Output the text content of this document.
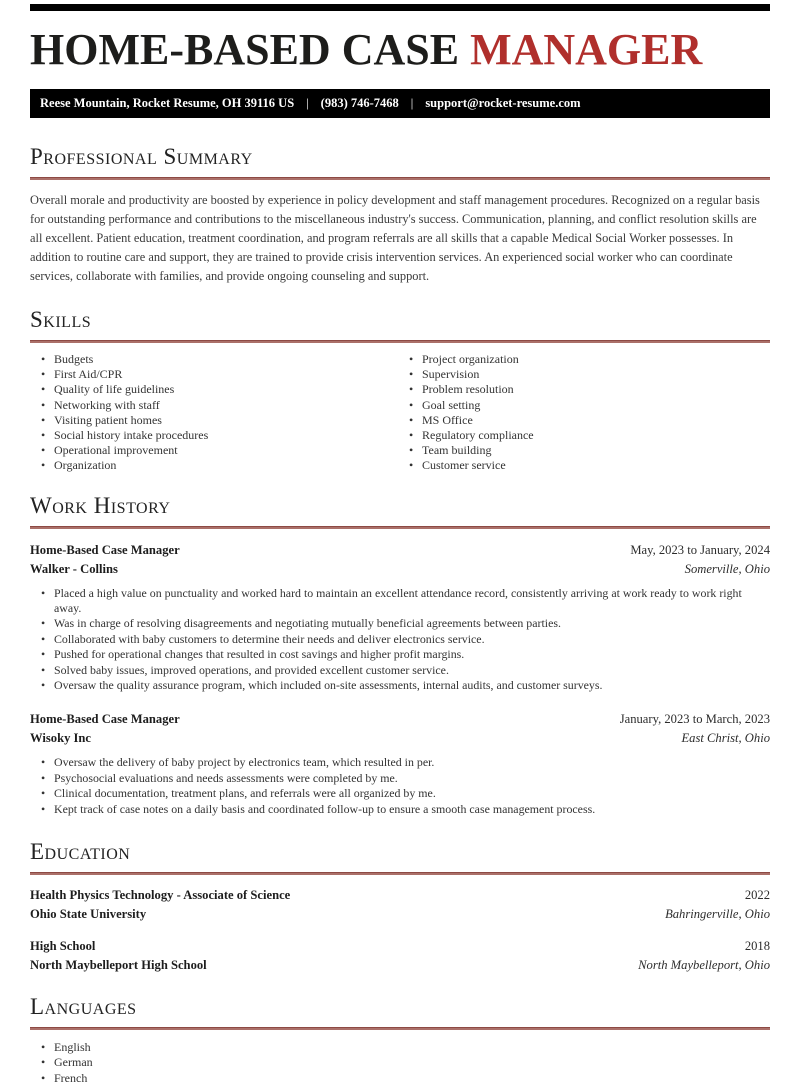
HOME-BASED CASE MANAGER
Reese Mountain, Rocket Resume, OH 39116 US | (983) 746-7468 | support@rocket-resume.com
Professional Summary

Overall morale and productivity are boosted by experience in policy development and staff management procedures. Recognized on a regular basis for outstanding performance and contributions to the miscellaneous industry's success. Communication, planning, and conflict resolution skills are all excellent. Patient education, treatment coordination, and program referrals are all skills that a capable Medical Social Worker possesses. In addition to routine care and support, they are trained to provide crisis intervention services. An experienced social worker who can coordinate services, collaborate with families, and provide ongoing counseling and support.

Skills
• Budgets
• First Aid/CPR
• Quality of life guidelines
• Networking with staff
• Visiting patient homes
• Social history intake procedures
• Operational improvement
• Organization
• Project organization
• Supervision
• Problem resolution
• Goal setting
• MS Office
• Regulatory compliance
• Team building
• Customer service
Work History
Home-Based Case Manager	May, 2023 to January, 2024
Walker - Collins	Somerville, Ohio
• Placed a high value on punctuality and worked hard to maintain an excellent attendance record, consistently arriving at work ready to work right away.
• Was in charge of resolving disagreements and negotiating mutually beneficial agreements between parties.
• Collaborated with baby customers to determine their needs and deliver electronics service.
• Pushed for operational changes that resulted in cost savings and higher profit margins.
• Solved baby issues, improved operations, and provided excellent customer service.
• Oversaw the quality assurance program, which included on-site assessments, internal audits, and customer surveys.
Home-Based Case Manager	January, 2023 to March, 2023
Wisoky Inc	East Christ, Ohio
• Oversaw the delivery of baby project by electronics team, which resulted in per.
• Psychosocial evaluations and needs assessments were completed by me.
• Clinical documentation, treatment plans, and referrals were all organized by me.
• Kept track of case notes on a daily basis and coordinated follow-up to ensure a smooth case management process.
Education
Health Physics Technology - Associate of Science	2022
Ohio State University	Bahringerville, Ohio
High School	2018
North Maybelleport High School	North Maybelleport, Ohio
Languages
• English
• German
• French
